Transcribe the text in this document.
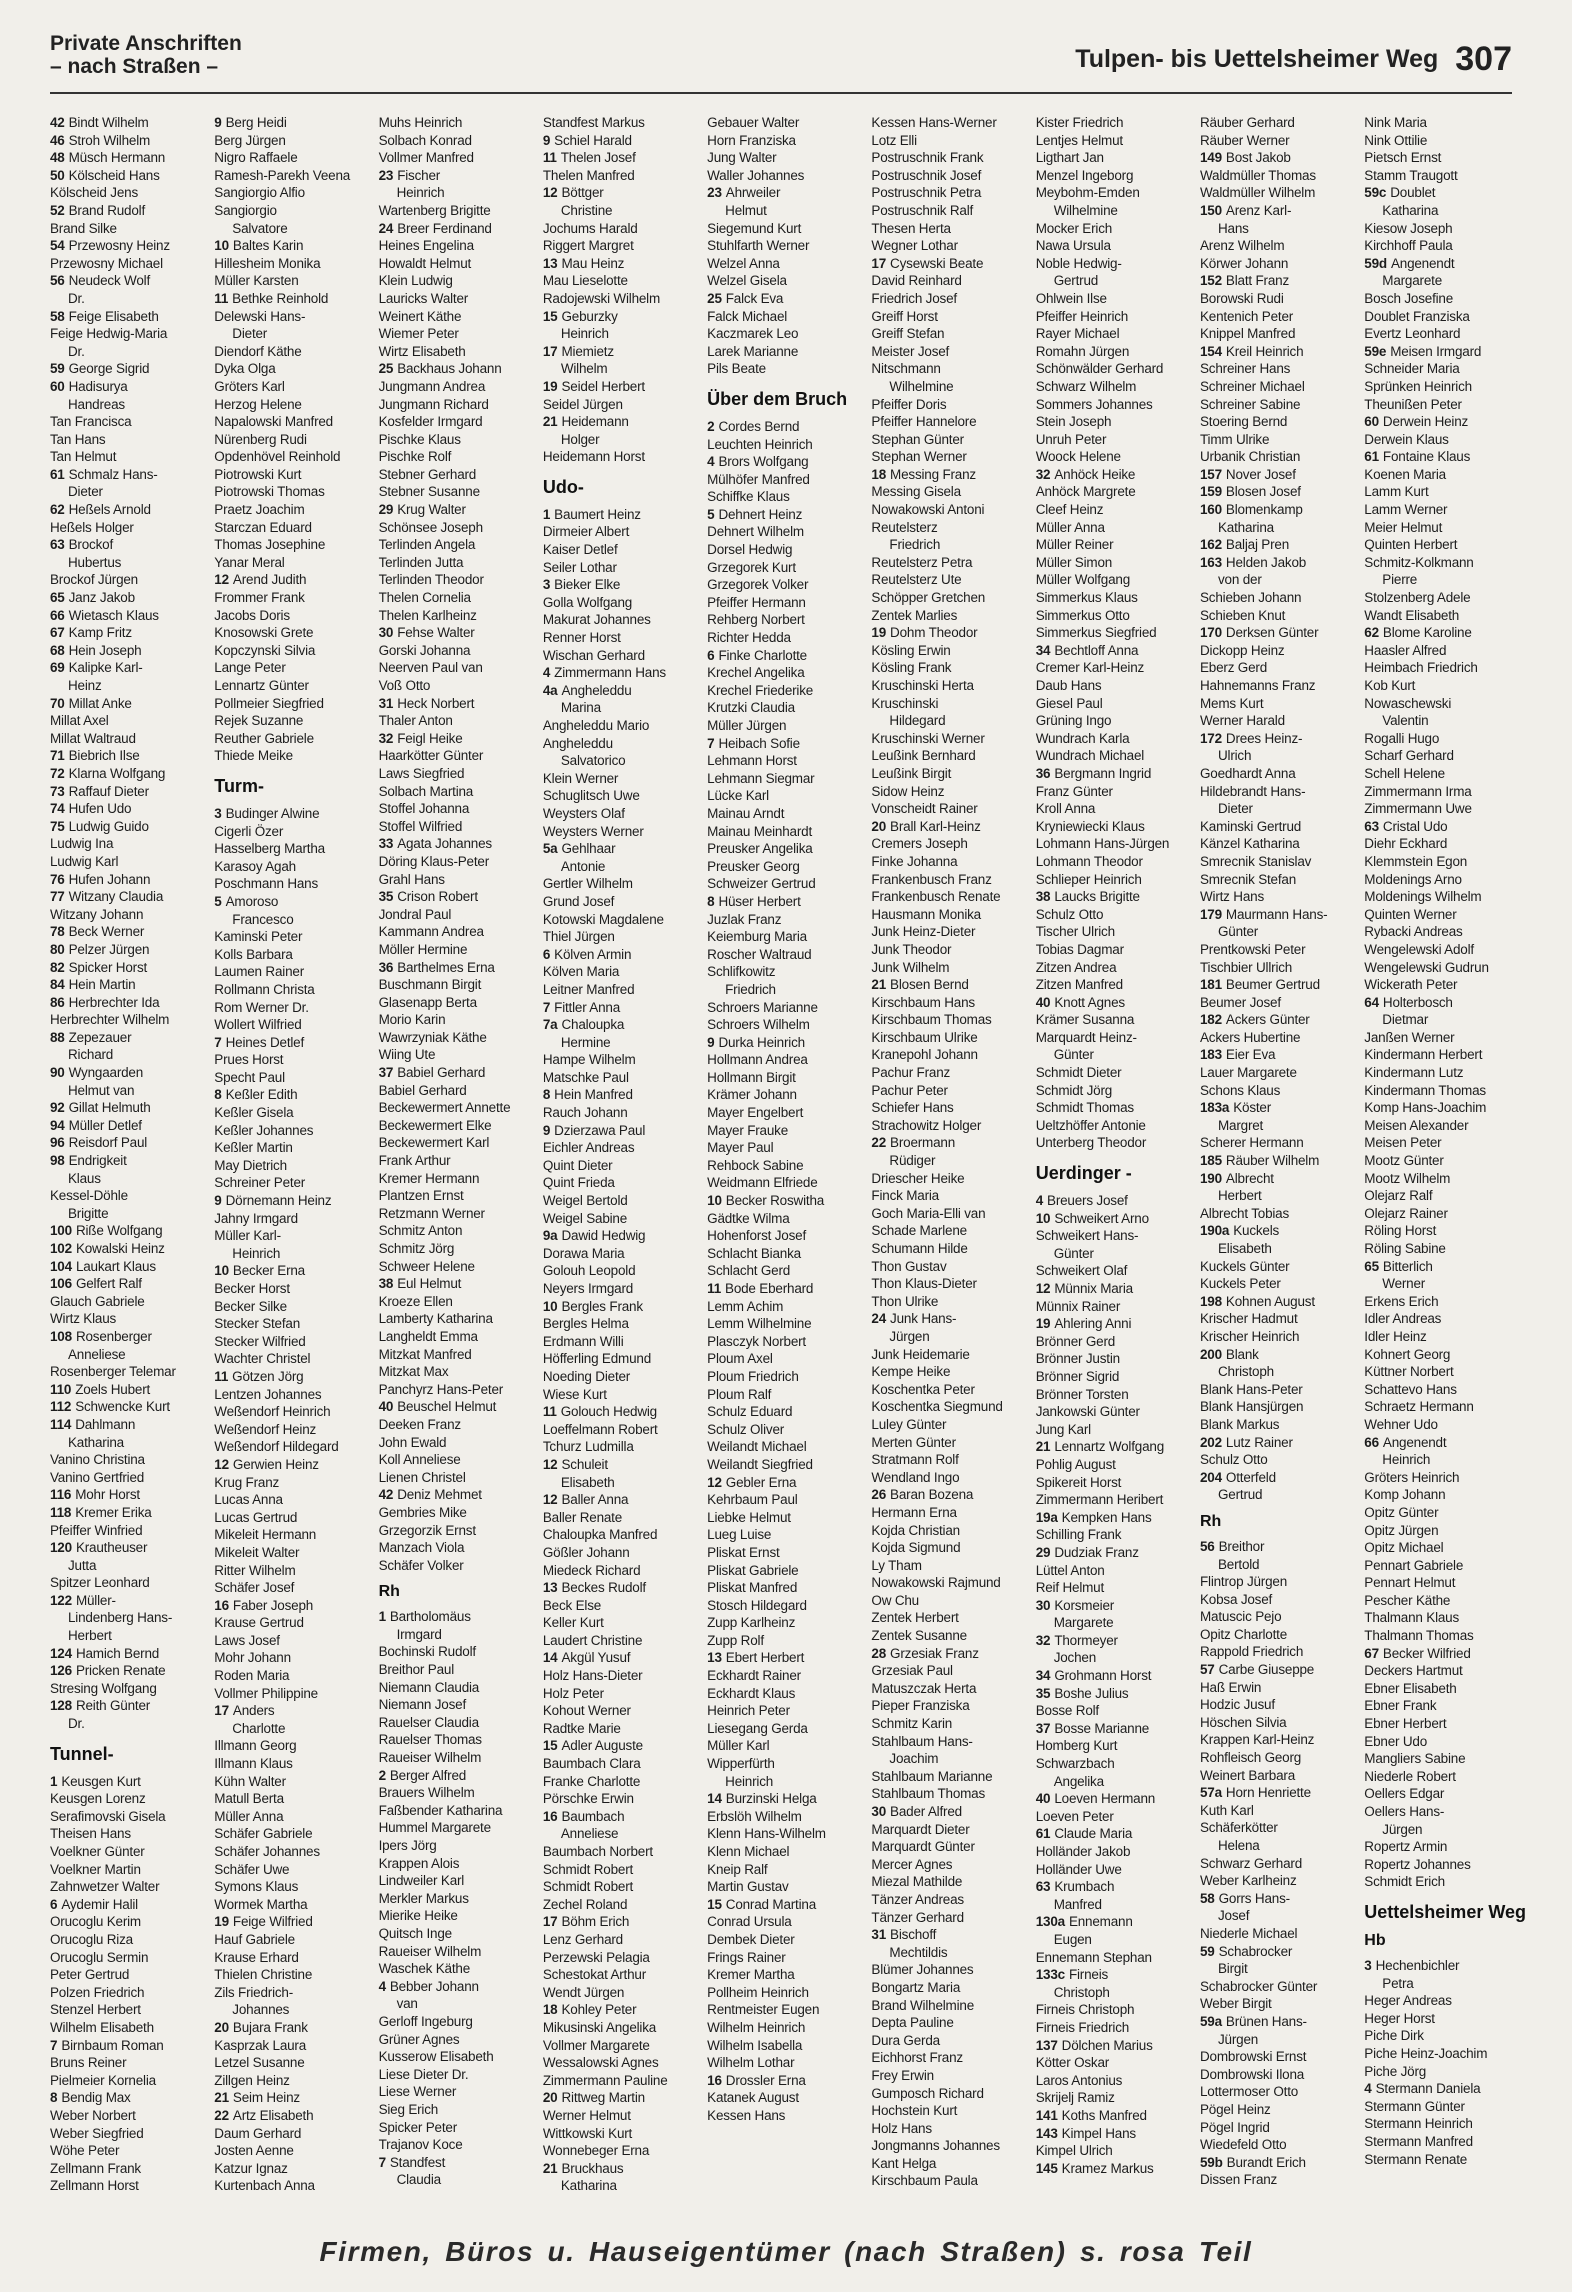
Private Anschriften
– nach Straßen –	Tulpen- bis Uettelsheimer Weg 307
42 Bindt Wilhelm
46 Stroh Wilhelm
48 Müsch Hermann
50 Kölscheid Hans
Kölscheid Jens
52 Brand Rudolf
Brand Silke
54 Przewosny Heinz
Przewosny Michael
56 Neudeck Wolf
Dr.
58 Feige Elisabeth
Feige Hedwig-Maria
Dr.
59 George Sigrid
60 Hadisurya
Handreas
Tan Francisca
Tan Hans
Tan Helmut
61 Schmalz Hans-
Dieter
62 Heßels Arnold
Heßels Holger
63 Brockof
Hubertus
Brockof Jürgen
65 Janz Jakob
66 Wietasch Klaus
67 Kamp Fritz
68 Hein Joseph
69 Kalipke Karl-
Heinz
70 Millat Anke
Millat Axel
Millat Waltraud
71 Biebrich Ilse
72 Klarna Wolfgang
73 Raffauf Dieter
74 Hufen Udo
75 Ludwig Guido
Ludwig Ina
Ludwig Karl
76 Hufen Johann
77 Witzany Claudia
Witzany Johann
78 Beck Werner
80 Pelzer Jürgen
82 Spicker Horst
84 Hein Martin
86 Herbrechter Ida
Herbrechter Wilhelm
88 Zepezauer
Richard
90 Wyngaarden
Helmut van
92 Gillat Helmuth
94 Müller Detlef
96 Reisdorf Paul
98 Endrigkeit
Klaus
Kessel-Döhle
Brigitte
100 Riße Wolfgang
102 Kowalski Heinz
104 Laukart Klaus
106 Gelfert Ralf
Glauch Gabriele
Wirtz Klaus
108 Rosenberger
Anneliese
Rosenberger Telemar
110 Zoels Hubert
112 Schwencke Kurt
114 Dahlmann
Katharina
Vanino Christina
Vanino Gertfried
116 Mohr Horst
118 Kremer Erika
Pfeiffer Winfried
120 Krautheuser
Jutta
Spitzer Leonhard
122 Müller-
Lindenberg Hans-
Herbert
124 Hamich Bernd
126 Pricken Renate
Stresing Wolfgang
128 Reith Günter
Dr.
Tunnel-
1 Keusgen Kurt
Keusgen Lorenz
Serafimovski Gisela
Theisen Hans
Voelkner Günter
Voelkner Martin
Zahnwetzer Walter
6 Aydemir Halil
Orucoglu Kerim
Orucoglu Riza
Orucoglu Sermin
Peter Gertrud
Polzen Friedrich
Stenzel Herbert
Wilhelm Elisabeth
7 Birnbaum Roman
Bruns Reiner
Pielmeier Kornelia
8 Bendig Max
Weber Norbert
Weber Siegfried
Wöhe Peter
Zellmann Frank
Zellmann Horst
9 Berg Heidi
Berg Jürgen
Nigro Raffaele
Ramesh-Parekh Veena
Sangiorgio Alfio
Sangiorgio
Salvatore
10 Baltes Karin
Hillesheim Monika
Müller Karsten
11 Bethke Reinhold
Delewski Hans-
Dieter
Diendorf Käthe
Dyka Olga
Gröters Karl
Herzog Helene
Napalowski Manfred
Nürenberg Rudi
Opdenhövel Reinhold
Piotrowski Kurt
Piotrowski Thomas
Praetz Joachim
Starczan Eduard
Thomas Josephine
Yanar Meral
12 Arend Judith
Frommer Frank
Jacobs Doris
Knosowski Grete
Kopczynski Silvia
Lange Peter
Lennartz Günter
Pollmeier Siegfried
Rejek Suzanne
Reuther Gabriele
Thiede Meike
Turm-
3 Budinger Alwine
Cigerli Özer
Hasselberg Martha
Karasoy Agah
Poschmann Hans
5 Amoroso
Francesco
Kaminski Peter
Kolls Barbara
Laumen Rainer
Rollmann Christa
Rom Werner Dr.
Wollert Wilfried
7 Heines Detlef
Prues Horst
Specht Paul
8 Keßler Edith
Keßler Gisela
Keßler Johannes
Keßler Martin
May Dietrich
Schreiner Peter
9 Dörnemann Heinz
Jahny Irmgard
Müller Karl-
Heinrich
10 Becker Erna
Becker Horst
Becker Silke
Stecker Stefan
Stecker Wilfried
Wachter Christel
11 Götzen Jörg
Lentzen Johannes
Weßendorf Heinrich
Weßendorf Heinz
Weßendorf Hildegard
12 Gerwien Heinz
Krug Franz
Lucas Anna
Lucas Gertrud
Mikeleit Hermann
Mikeleit Walter
Ritter Wilhelm
Schäfer Josef
16 Faber Joseph
Krause Gertrud
Laws Josef
Mohr Johann
Roden Maria
Vollmer Philippine
17 Anders
Charlotte
Illmann Georg
Illmann Klaus
Kühn Walter
Matull Berta
Müller Anna
Schäfer Gabriele
Schäfer Johannes
Schäfer Uwe
Symons Klaus
Wormek Martha
19 Feige Wilfried
Hauf Gabriele
Krause Erhard
Thielen Christine
Zils Friedrich-
Johannes
20 Bujara Frank
Kasprzak Laura
Letzel Susanne
Zillgen Heinz
21 Seim Heinz
22 Artz Elisabeth
Daum Gerhard
Josten Aenne
Katzur Ignaz
Kurtenbach Anna
Muhs Heinrich
Solbach Konrad
Vollmer Manfred
23 Fischer
Heinrich
Wartenberg Brigitte
24 Breer Ferdinand
Heines Engelina
Howaldt Helmut
Klein Ludwig
Lauricks Walter
Weinert Käthe
Wiemer Peter
Wirtz Elisabeth
25 Backhaus Johann
Jungmann Andrea
Jungmann Richard
Kosfelder Irmgard
Pischke Klaus
Pischke Rolf
Stebner Gerhard
Stebner Susanne
29 Krug Walter
Schönsee Joseph
Terlinden Angela
Terlinden Jutta
Terlinden Theodor
Thelen Cornelia
Thelen Karlheinz
30 Fehse Walter
Gorski Johanna
Neerven Paul van
Voß Otto
31 Heck Norbert
Thaler Anton
32 Feigl Heike
Haarkötter Günter
Laws Siegfried
Solbach Martina
Stoffel Johanna
Stoffel Wilfried
33 Agata Johannes
Döring Klaus-Peter
Grahl Hans
35 Crison Robert
Jondral Paul
Kammann Andrea
Möller Hermine
36 Barthelmes Erna
Buschmann Birgit
Glasenapp Berta
Morio Karin
Wawrzyniak Käthe
Wiing Ute
37 Babiel Gerhard
Babiel Gerhard
Beckewermert Annette
Beckewermert Elke
Beckewermert Karl
Frank Arthur
Kremer Hermann
Plantzen Ernst
Retzmann Werner
Schmitz Anton
Schmitz Jörg
Schweer Helene
38 Eul Helmut
Kroeze Ellen
Lamberty Katharina
Langheldt Emma
Mitzkat Manfred
Mitzkat Max
Panchyrz Hans-Peter
40 Beuschel Helmut
Deeken Franz
John Ewald
Koll Anneliese
Lienen Christel
42 Deniz Mehmet
Gembries Mike
Grzegorzik Ernst
Manzach Viola
Schäfer Volker
Rh
1 Bartholomäus
Irmgard
Bochinski Rudolf
Breithor Paul
Niemann Claudia
Niemann Josef
Rauelser Claudia
Rauelser Thomas
Raueiser Wilhelm
2 Berger Alfred
Brauers Wilhelm
Faßbender Katharina
Hummel Margarete
Ipers Jörg
Krappen Alois
Lindweiler Karl
Merkler Markus
Mierike Heike
Quitsch Inge
Raueiser Wilhelm
Waschek Käthe
4 Bebber Johann
van
Gerloff Ingeburg
Grüner Agnes
Kusserow Elisabeth
Liese Dieter Dr.
Liese Werner
Sieg Erich
Spicker Peter
Trajanov Koce
7 Standfest
Claudia
Standfest Markus
9 Schiel Harald
11 Thelen Josef
Thelen Manfred
12 Böttger
Christine
Jochums Harald
Riggert Margret
13 Mau Heinz
Mau Lieselotte
Radojewski Wilhelm
15 Geburzky
Heinrich
17 Miemietz
Wilhelm
19 Seidel Herbert
Seidel Jürgen
21 Heidemann
Holger
Heidemann Horst
Udo-
1 Baumert Heinz
Dirmeier Albert
Kaiser Detlef
Seiler Lothar
3 Bieker Elke
Golla Wolfgang
Makurat Johannes
Renner Horst
Wischan Gerhard
4 Zimmermann Hans
4a Angheleddu
Marina
Angheleddu Mario
Angheleddu
Salvatorico
Klein Werner
Schuglitsch Uwe
Weysters Olaf
Weysters Werner
5a Gehlhaar
Antonie
Gertler Wilhelm
Grund Josef
Kotowski Magdalene
Thiel Jürgen
6 Kölven Armin
Kölven Maria
Leitner Manfred
7 Fittler Anna
7a Chaloupka
Hermine
Hampe Wilhelm
Matschke Paul
8 Hein Manfred
Rauch Johann
9 Dzierzawa Paul
Eichler Andreas
Quint Dieter
Quint Frieda
Weigel Bertold
Weigel Sabine
9a Dawid Hedwig
Dorawa Maria
Golouh Leopold
Neyers Irmgard
10 Bergles Frank
Bergles Helma
Erdmann Willi
Höfferling Edmund
Noeding Dieter
Wiese Kurt
11 Golouch Hedwig
Loeffelmann Robert
Tchurz Ludmilla
12 Schuleit
Elisabeth
12 Baller Anna
Baller Renate
Chaloupka Manfred
Gößler Johann
Miedeck Richard
13 Beckes Rudolf
Beck Else
Keller Kurt
Laudert Christine
14 Akgül Yusuf
Holz Hans-Dieter
Holz Peter
Kohout Werner
Radtke Marie
15 Adler Auguste
Baumbach Clara
Franke Charlotte
Pörschke Erwin
16 Baumbach
Anneliese
Baumbach Norbert
Schmidt Robert
Schmidt Robert
Zechel Roland
17 Böhm Erich
Lenz Gerhard
Perzewski Pelagia
Schestokat Arthur
Wendt Jürgen
18 Kohley Peter
Mikusinski Angelika
Vollmer Margarete
Wessalowski Agnes
Zimmermann Pauline
20 Rittweg Martin
Werner Helmut
Wittkowski Kurt
Wonnebeger Erna
21 Bruckhaus
Katharina
Gebauer Walter
Horn Franziska
Jung Walter
Waller Johannes
23 Ahrweiler
Helmut
Siegemund Kurt
Stuhlfarth Werner
Welzel Anna
Welzel Gisela
25 Falck Eva
Falck Michael
Kaczmarek Leo
Larek Marianne
Pils Beate
Über dem Bruch
2 Cordes Bernd
Leuchten Heinrich
4 Brors Wolfgang
Mülhöfer Manfred
Schiffke Klaus
5 Dehnert Heinz
Dehnert Wilhelm
Dorsel Hedwig
Grzegorek Kurt
Grzegorek Volker
Pfeiffer Hermann
Rehberg Norbert
Richter Hedda
6 Finke Charlotte
Krechel Angelika
Krechel Friederike
Krutzki Claudia
Müller Jürgen
7 Heibach Sofie
Lehmann Horst
Lehmann Siegmar
Lücke Karl
Mainau Arndt
Mainau Meinhardt
Preusker Angelika
Preusker Georg
Schweizer Gertrud
8 Hüser Herbert
Juzlak Franz
Keiemburg Maria
Roscher Waltraud
Schlifkowitz
Friedrich
Schroers Marianne
Schroers Wilhelm
9 Durka Heinrich
Hollmann Andrea
Hollmann Birgit
Krämer Johann
Mayer Engelbert
Mayer Frauke
Mayer Paul
Rehbock Sabine
Weidmann Elfriede
10 Becker Roswitha
Gädtke Wilma
Hohenforst Josef
Schlacht Bianka
Schlacht Gerd
11 Bode Eberhard
Lemm Achim
Lemm Wilhelmine
Plasczyk Norbert
Ploum Axel
Ploum Friedrich
Ploum Ralf
Schulz Eduard
Schulz Oliver
Weilandt Michael
Weilandt Siegfried
12 Gebler Erna
Kehrbaum Paul
Liebke Helmut
Lueg Luise
Pliskat Ernst
Pliskat Gabriele
Pliskat Manfred
Stosch Hildegard
Zupp Karlheinz
Zupp Rolf
13 Ebert Herbert
Eckhardt Rainer
Eckhardt Klaus
Heinrich Peter
Liesegang Gerda
Müller Karl
Wipperfürth
Heinrich
14 Burzinski Helga
Erbslöh Wilhelm
Klenn Hans-Wilhelm
Klenn Michael
Kneip Ralf
Martin Gustav
15 Conrad Martina
Conrad Ursula
Dembek Dieter
Frings Rainer
Kremer Martha
Pollheim Heinrich
Rentmeister Eugen
Wilhelm Heinrich
Wilhelm Isabella
Wilhelm Lothar
16 Drossler Erna
Katanek August
Kessen Hans
Kessen Hans-Werner
Lotz Elli
Postruschnik Frank
Postruschnik Josef
Postruschnik Petra
Postruschnik Ralf
Thesen Herta
Wegner Lothar
17 Cysewski Beate
David Reinhard
Friedrich Josef
Greiff Horst
Greiff Stefan
Meister Josef
Nitschmann
Wilhelmine
Pfeiffer Doris
Pfeiffer Hannelore
Stephan Günter
Stephan Werner
18 Messing Franz
Messing Gisela
Nowakowski Antoni
Reutelsterz
Friedrich
Reutelsterz Petra
Reutelsterz Ute
Schöpper Gretchen
Zentek Marlies
19 Dohm Theodor
Kösling Erwin
Kösling Frank
Kruschinski Herta
Kruschinski
Hildegard
Kruschinski Werner
Leußink Bernhard
Leußink Birgit
Sidow Heinz
Vonscheidt Rainer
20 Brall Karl-Heinz
Cremers Joseph
Finke Johanna
Frankenbusch Franz
Frankenbusch Renate
Hausmann Monika
Junk Heinz-Dieter
Junk Theodor
Junk Wilhelm
21 Blosen Bernd
Kirschbaum Hans
Kirschbaum Thomas
Kirschbaum Ulrike
Kranepohl Johann
Pachur Franz
Pachur Peter
Schiefer Hans
Strachowitz Holger
22 Broermann
Rüdiger
Driescher Heike
Finck Maria
Goch Maria-Elli van
Schade Marlene
Schumann Hilde
Thon Gustav
Thon Klaus-Dieter
Thon Ulrike
24 Junk Hans-
Jürgen
Junk Heidemarie
Kempe Heike
Koschentka Peter
Koschentka Siegmund
Luley Günter
Merten Günter
Stratmann Rolf
Wendland Ingo
26 Baran Bozena
Hermann Erna
Kojda Christian
Kojda Sigmund
Ly Tham
Nowakowski Rajmund
Ow Chu
Zentek Herbert
Zentek Susanne
28 Grzesiak Franz
Grzesiak Paul
Matuszczak Herta
Pieper Franziska
Schmitz Karin
Stahlbaum Hans-
Joachim
Stahlbaum Marianne
Stahlbaum Thomas
30 Bader Alfred
Marquardt Dieter
Marquardt Günter
Mercer Agnes
Miezal Mathilde
Tänzer Andreas
Tänzer Gerhard
31 Bischoff
Mechtildis
Blümer Johannes
Bongartz Maria
Brand Wilhelmine
Depta Pauline
Dura Gerda
Eichhorst Franz
Frey Erwin
Gumposch Richard
Hochstein Kurt
Holz Hans
Jongmanns Johannes
Kant Helga
Kirschbaum Paula
Kister Friedrich
Lentjes Helmut
Ligthart Jan
Menzel Ingeborg
Meybohm-Emden
Wilhelmine
Mocker Erich
Nawa Ursula
Noble Hedwig-
Gertrud
Ohlwein Ilse
Pfeiffer Heinrich
Rayer Michael
Romahn Jürgen
Schönwälder Gerhard
Schwarz Wilhelm
Sommers Johannes
Stein Joseph
Unruh Peter
Woock Helene
32 Anhöck Heike
Anhöck Margrete
Cleef Heinz
Müller Anna
Müller Reiner
Müller Simon
Müller Wolfgang
Simmerkus Klaus
Simmerkus Otto
Simmerkus Siegfried
34 Bechtloff Anna
Cremer Karl-Heinz
Daub Hans
Giesel Paul
Grüning Ingo
Wundrach Karla
Wundrach Michael
36 Bergmann Ingrid
Franz Günter
Kroll Anna
Kryniewiecki Klaus
Lohmann Hans-Jürgen
Lohmann Theodor
Schlieper Heinrich
38 Laucks Brigitte
Schulz Otto
Tischer Ulrich
Tobias Dagmar
Zitzen Andrea
Zitzen Manfred
40 Knott Agnes
Krämer Susanna
Marquardt Heinz-
Günter
Schmidt Dieter
Schmidt Jörg
Schmidt Thomas
Ueltzhöffer Antonie
Unterberg Theodor
Uerdinger -
4 Breuers Josef
10 Schweikert Arno
Schweikert Hans-
Günter
Schweikert Olaf
12 Münnix Maria
Münnix Rainer
19 Ahlering Anni
Brönner Gerd
Brönner Justin
Brönner Sigrid
Brönner Torsten
Jankowski Günter
Jung Karl
21 Lennartz Wolfgang
Pohlig August
Spikereit Horst
Zimmermann Heribert
19a Kempken Hans
Schilling Frank
29 Dudziak Franz
Lüttel Anton
Reif Helmut
30 Korsmeier
Margarete
32 Thormeyer
Jochen
34 Grohmann Horst
35 Boshe Julius
Bosse Rolf
37 Bosse Marianne
Homberg Kurt
Schwarzbach
Angelika
40 Loeven Hermann
Loeven Peter
61 Claude Maria
Holländer Jakob
Holländer Uwe
63 Krumbach
Manfred
130a Ennemann
Eugen
Ennemann Stephan
133c Firneis
Christoph
Firneis Christoph
Firneis Friedrich
137 Dölchen Marius
Kötter Oskar
Laros Antonius
Skrijelj Ramiz
141 Koths Manfred
143 Kimpel Hans
Kimpel Ulrich
145 Kramez Markus
Räuber Gerhard
Räuber Werner
149 Bost Jakob
Waldmüller Thomas
Waldmüller Wilhelm
150 Arenz Karl-
Hans
Arenz Wilhelm
Körwer Johann
152 Blatt Franz
Borowski Rudi
Kentenich Peter
Knippel Manfred
154 Kreil Heinrich
Schreiner Hans
Schreiner Michael
Schreiner Sabine
Stoering Bernd
Timm Ulrike
Urbanik Christian
157 Nover Josef
159 Blosen Josef
160 Blomenkamp
Katharina
162 Baljaj Pren
163 Helden Jakob
von der
Schieben Johann
Schieben Knut
170 Derksen Günter
Dickopp Heinz
Eberz Gerd
Hahnemanns Franz
Mems Kurt
Werner Harald
172 Drees Heinz-
Ulrich
Goedhardt Anna
Hildebrandt Hans-
Dieter
Kaminski Gertrud
Känzel Katharina
Smrecnik Stanislav
Smrecnik Stefan
Wirtz Hans
179 Maurmann Hans-
Günter
Prentkowski Peter
Tischbier Ullrich
181 Beumer Gertrud
Beumer Josef
182 Ackers Günter
Ackers Hubertine
183 Eier Eva
Lauer Margarete
Schons Klaus
183a Köster
Margret
Scherer Hermann
185 Räuber Wilhelm
190 Albrecht
Herbert
Albrecht Tobias
190a Kuckels
Elisabeth
Kuckels Günter
Kuckels Peter
198 Kohnen August
Krischer Hadmut
Krischer Heinrich
200 Blank
Christoph
Blank Hans-Peter
Blank Hansjürgen
Blank Markus
202 Lutz Rainer
Schulz Otto
204 Otterfeld
Gertrud
Rh
56 Breithor
Bertold
Flintrop Jürgen
Kobsa Josef
Matuscic Pejo
Opitz Charlotte
Rappold Friedrich
57 Carbe Giuseppe
Haß Erwin
Hodzic Jusuf
Höschen Silvia
Krappen Karl-Heinz
Rohfleisch Georg
Weinert Barbara
57a Horn Henriette
Kuth Karl
Schäferkötter
Helena
Schwarz Gerhard
Weber Karlheinz
58 Gorrs Hans-
Josef
Niederle Michael
59 Schabrocker
Birgit
Schabrocker Günter
Weber Birgit
59a Brünen Hans-
Jürgen
Dombrowski Ernst
Dombrowski Ilona
Lottermoser Otto
Pögel Heinz
Pögel Ingrid
Wiedefeld Otto
59b Burandt Erich
Dissen Franz
Nink Maria
Nink Ottilie
Pietsch Ernst
Stamm Traugott
59c Doublet
Katharina
Kiesow Joseph
Kirchhoff Paula
59d Angenendt
Margarete
Bosch Josefine
Doublet Franziska
Evertz Leonhard
59e Meisen Irmgard
Schneider Maria
Sprünken Heinrich
Theunißen Peter
60 Derwein Heinz
Derwein Klaus
61 Fontaine Klaus
Koenen Maria
Lamm Kurt
Lamm Werner
Meier Helmut
Quinten Herbert
Schmitz-Kolkmann
Pierre
Stolzenberg Adele
Wandt Elisabeth
62 Blome Karoline
Haasler Alfred
Heimbach Friedrich
Kob Kurt
Nowaschewski
Valentin
Rogalli Hugo
Scharf Gerhard
Schell Helene
Zimmermann Irma
Zimmermann Uwe
63 Cristal Udo
Diehr Eckhard
Klemmstein Egon
Moldenings Arno
Moldenings Wilhelm
Quinten Werner
Rybacki Andreas
Wengelewski Adolf
Wengelewski Gudrun
Wickerath Peter
64 Holterbosch
Dietmar
Janßen Werner
Kindermann Herbert
Kindermann Lutz
Kindermann Thomas
Komp Hans-Joachim
Meisen Alexander
Meisen Peter
Mootz Günter
Mootz Wilhelm
Olejarz Ralf
Olejarz Rainer
Röling Horst
Röling Sabine
65 Bitterlich
Werner
Erkens Erich
Idler Andreas
Idler Heinz
Kohnert Georg
Küttner Norbert
Schattevo Hans
Schraetz Hermann
Wehner Udo
66 Angenendt
Heinrich
Gröters Heinrich
Komp Johann
Opitz Günter
Opitz Jürgen
Opitz Michael
Pennart Gabriele
Pennart Helmut
Pescher Käthe
Thalmann Klaus
Thalmann Thomas
67 Becker Wilfried
Deckers Hartmut
Ebner Elisabeth
Ebner Frank
Ebner Herbert
Ebner Udo
Mangliers Sabine
Niederle Robert
Oellers Edgar
Oellers Hans-
Jürgen
Ropertz Armin
Ropertz Johannes
Schmidt Erich
Uettelsheimer Weg
Hb
3 Hechenbichler
Petra
Heger Andreas
Heger Horst
Piche Dirk
Piche Heinz-Joachim
Piche Jörg
4 Stermann Daniela
Stermann Günter
Stermann Heinrich
Stermann Manfred
Stermann Renate
Firmen, Büros u. Hauseigentümer (nach Straßen) s. rosa Teil
